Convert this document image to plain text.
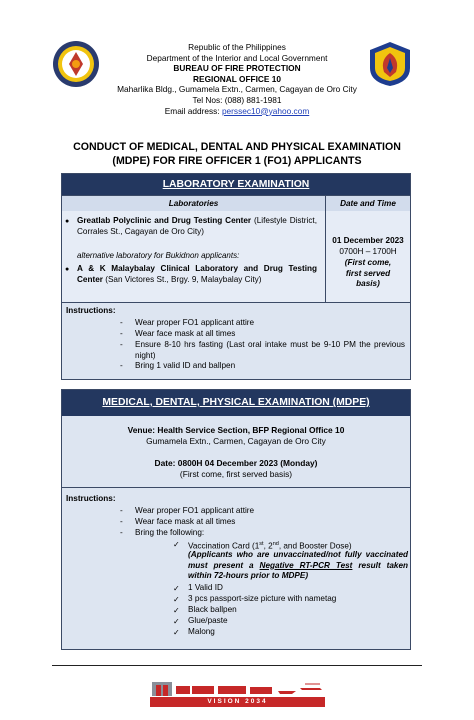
Republic of the Philippines
Department of the Interior and Local Government
BUREAU OF FIRE PROTECTION
REGIONAL OFFICE 10
Maharlika Bldg., Gumamela Extn., Carmen, Cagayan de Oro City
Tel Nos: (088) 881-1981
Email address: perssec10@yahoo.com
CONDUCT OF MEDICAL, DENTAL AND PHYSICAL EXAMINATION
(MDPE) FOR FIRE OFFICER 1 (FO1) APPLICANTS
LABORATORY EXAMINATION
Laboratories	Date and Time
● Greatlab Polyclinic and Drug Testing Center (Lifestyle District, Corrales St., Cagayan de Oro City)
alternative laboratory for Bukidnon applicants:
● A & K Malaybalay Clinical Laboratory and Drug Testing Center (San Victores St., Brgy. 9, Malaybalay City)
01 December 2023
0700H – 1700H
(First come, first served basis)
Instructions:
- Wear proper FO1 applicant attire
- Wear face mask at all times
- Ensure 8-10 hrs fasting (Last oral intake must be 9-10 PM the previous night)
- Bring 1 valid ID and ballpen
MEDICAL, DENTAL, PHYSICAL EXAMINATION (MDPE)
Venue: Health Service Section, BFP Regional Office 10
Gumamela Extn., Carmen, Cagayan de Oro City
Date: 0800H 04 December 2023 (Monday)
(First come, first served basis)
Instructions:
- Wear proper FO1 applicant attire
- Wear face mask at all times
- Bring the following:
✓ Vaccination Card (1st, 2nd, and Booster Dose)
(Applicants who are unvaccinated/not fully vaccinated must present a Negative RT-PCR Test result taken within 72-hours prior to MDPE)
✓ 1 Valid ID
✓ 3 pcs passport-size picture with nametag
✓ Black ballpen
✓ Glue/paste
✓ Malong
VISION 2034
